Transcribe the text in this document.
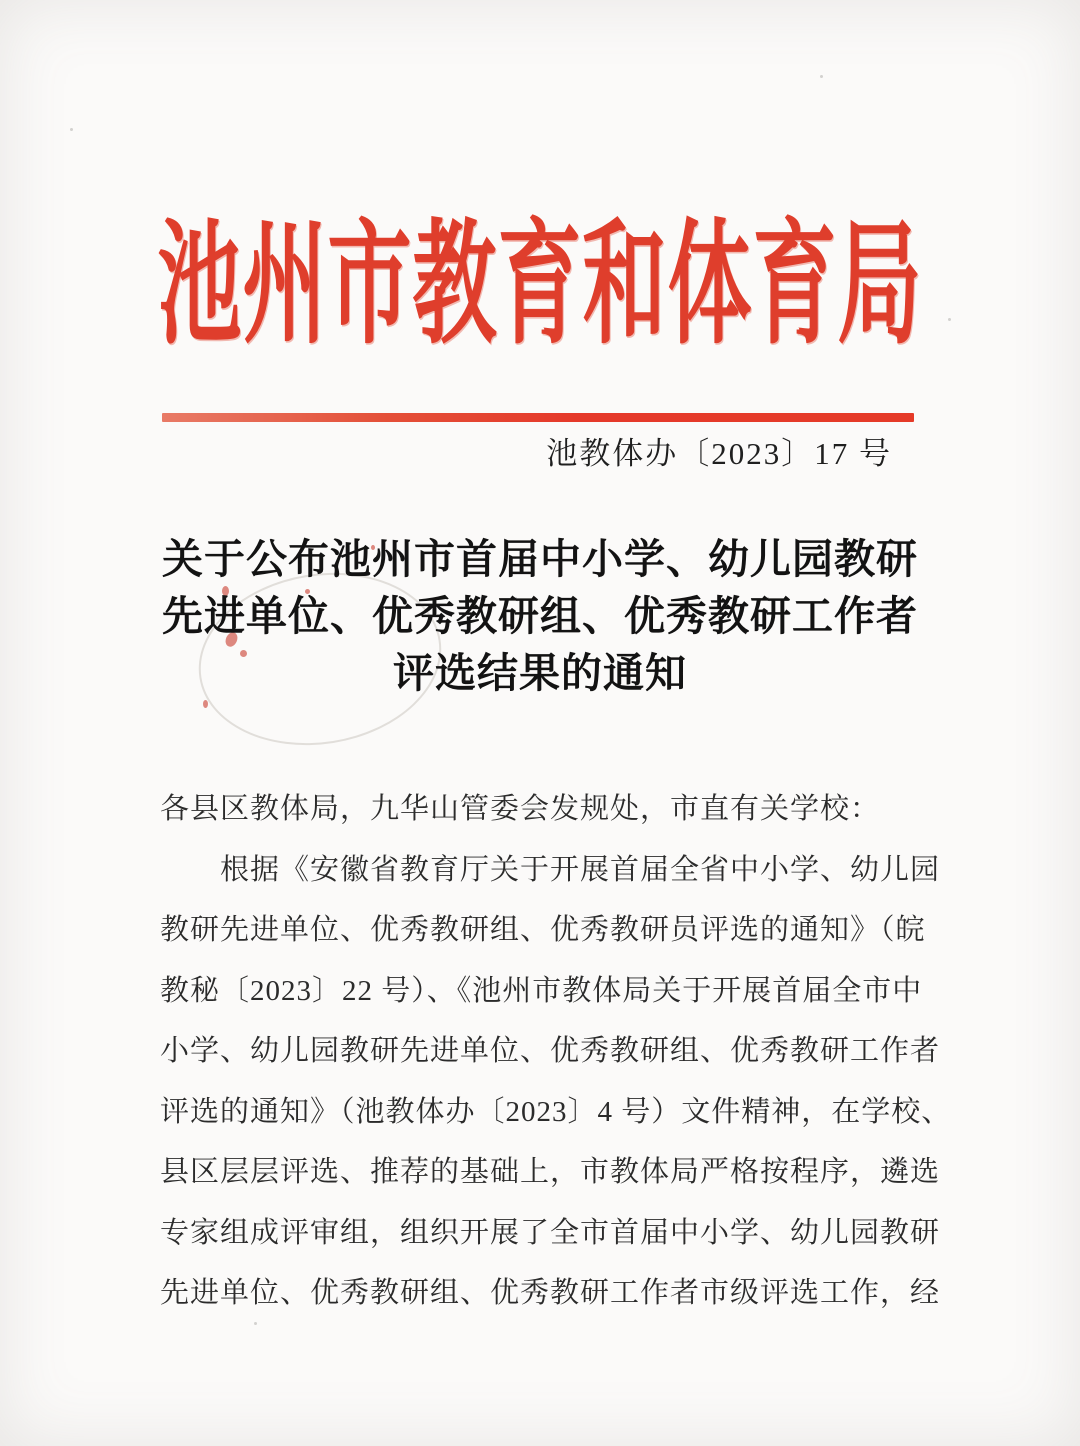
池州市教育和体育局
池教体办〔2023〕17 号
关于公布池州市首届中小学、幼儿园教研
先进单位、优秀教研组、优秀教研工作者
评选结果的通知
各县区教体局，九华山管委会发规处，市直有关学校：
根据《安徽省教育厅关于开展首届全省中小学、幼儿园
教研先进单位、优秀教研组、优秀教研员评选的通知》（皖
教秘〔2023〕22 号）、《池州市教体局关于开展首届全市中
小学、幼儿园教研先进单位、优秀教研组、优秀教研工作者
评选的通知》（池教体办〔2023〕4 号）文件精神，在学校、
县区层层评选、推荐的基础上，市教体局严格按程序，遴选
专家组成评审组，组织开展了全市首届中小学、幼儿园教研
先进单位、优秀教研组、优秀教研工作者市级评选工作，经
